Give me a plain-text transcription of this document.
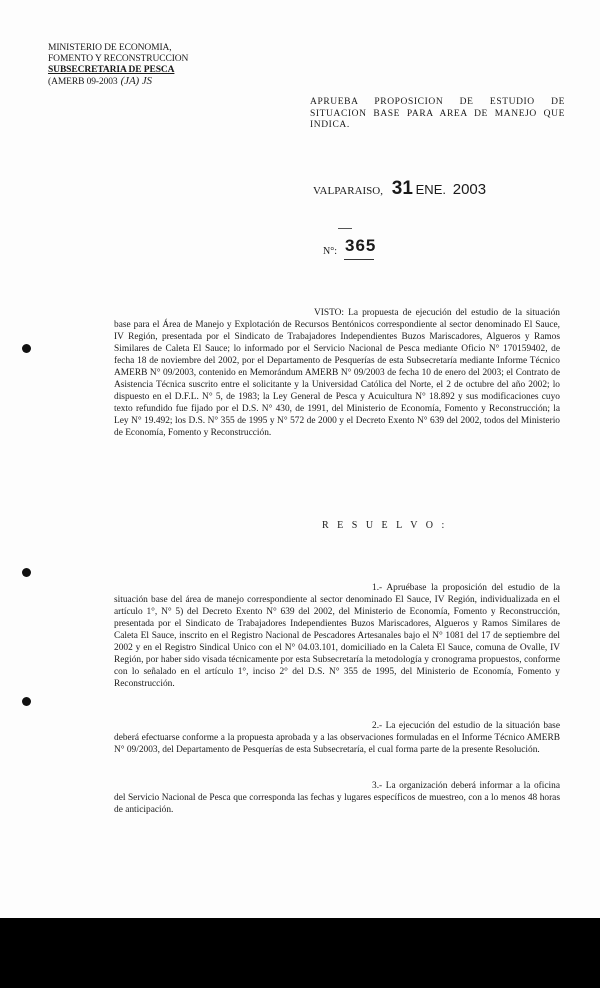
MINISTERIO DE ECONOMIA,
FOMENTO Y RECONSTRUCCION
SUBSECRETARIA DE PESCA
(AMERB 09-2003 (JA) JS
APRUEBA PROPOSICION DE ESTUDIO DE SITUACION BASE PARA AREA DE MANEJO QUE INDICA.
VALPARAISO, 31 ENE. 2003
N°: 365
VISTO: La propuesta de ejecución del estudio de la situación base para el Área de Manejo y Explotación de Recursos Bentónicos correspondiente al sector denominado El Sauce, IV Región, presentada por el Sindicato de Trabajadores Independientes Buzos Mariscadores, Algueros y Ramos Similares de Caleta El Sauce; lo informado por el Servicio Nacional de Pesca mediante Oficio N° 170159402, de fecha 18 de noviembre del 2002, por el Departamento de Pesquerías de esta Subsecretaría mediante Informe Técnico AMERB N° 09/2003, contenido en Memorándum AMERB N° 09/2003 de fecha 10 de enero del 2003; el Contrato de Asistencia Técnica suscrito entre el solicitante y la Universidad Católica del Norte, el 2 de octubre del año 2002; lo dispuesto en el D.F.L. N° 5, de 1983; la Ley General de Pesca y Acuicultura N° 18.892 y sus modificaciones cuyo texto refundido fue fijado por el D.S. N° 430, de 1991, del Ministerio de Economía, Fomento y Reconstrucción; la Ley N° 19.492; los D.S. N° 355 de 1995 y N° 572 de 2000 y el Decreto Exento N° 639 del 2002, todos del Ministerio de Economía, Fomento y Reconstrucción.
R E S U E L V O :
1.- Apruébase la proposición del estudio de la situación base del área de manejo correspondiente al sector denominado El Sauce, IV Región, individualizada en el artículo 1°, N° 5) del Decreto Exento N° 639 del 2002, del Ministerio de Economía, Fomento y Reconstrucción, presentada por el Sindicato de Trabajadores Independientes Buzos Mariscadores, Algueros y Ramos Similares de Caleta El Sauce, inscrito en el Registro Nacional de Pescadores Artesanales bajo el N° 1081 del 17 de septiembre del 2002 y en el Registro Sindical Unico con el N° 04.03.101, domiciliado en la Caleta El Sauce, comuna de Ovalle, IV Región, por haber sido visada técnicamente por esta Subsecretaría la metodología y cronograma propuestos, conforme con lo señalado en el artículo 1°, inciso 2° del D.S. N° 355 de 1995, del Ministerio de Economía, Fomento y Reconstrucción.
2.- La ejecución del estudio de la situación base deberá efectuarse conforme a la propuesta aprobada y a las observaciones formuladas en el Informe Técnico AMERB N° 09/2003, del Departamento de Pesquerías de esta Subsecretaría, el cual forma parte de la presente Resolución.
3.- La organización deberá informar a la oficina del Servicio Nacional de Pesca que corresponda las fechas y lugares específicos de muestreo, con a lo menos 48 horas de anticipación.
